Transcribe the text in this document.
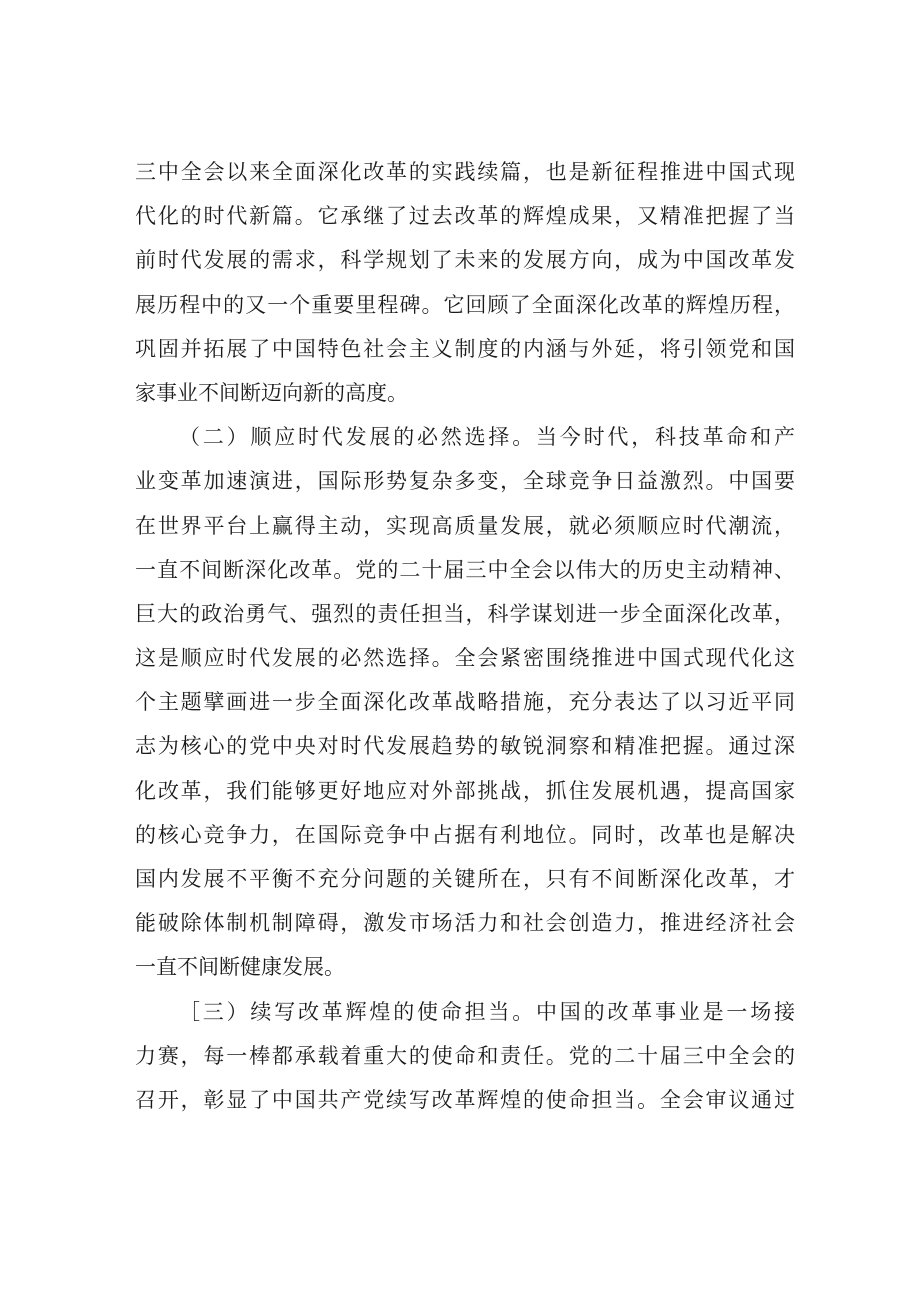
三中全会以来全面深化改革的实践续篇，也是新征程推进中国式现
代化的时代新篇。它承继了过去改革的辉煌成果，又精准把握了当
前时代发展的需求，科学规划了未来的发展方向，成为中国改革发
展历程中的又一个重要里程碑。它回顾了全面深化改革的辉煌历程，
巩固并拓展了中国特色社会主义制度的内涵与外延，将引领党和国
家事业不间断迈向新的高度。
（二）顺应时代发展的必然选择。当今时代，科技革命和产
业变革加速演进，国际形势复杂多变，全球竞争日益激烈。中国要
在世界平台上赢得主动，实现高质量发展，就必须顺应时代潮流，
一直不间断深化改革。党的二十届三中全会以伟大的历史主动精神、
巨大的政治勇气、强烈的责任担当，科学谋划进一步全面深化改革，
这是顺应时代发展的必然选择。全会紧密围绕推进中国式现代化这
个主题擘画进一步全面深化改革战略措施，充分表达了以习近平同
志为核心的党中央对时代发展趋势的敏锐洞察和精准把握。通过深
化改革，我们能够更好地应对外部挑战，抓住发展机遇，提高国家
的核心竞争力，在国际竞争中占据有利地位。同时，改革也是解决
国内发展不平衡不充分问题的关键所在，只有不间断深化改革，才
能破除体制机制障碍，激发市场活力和社会创造力，推进经济社会
一直不间断健康发展。
［三）续写改革辉煌的使命担当。中国的改革事业是一场接
力赛，每一棒都承载着重大的使命和责任。党的二十届三中全会的
召开，彰显了中国共产党续写改革辉煌的使命担当。全会审议通过
